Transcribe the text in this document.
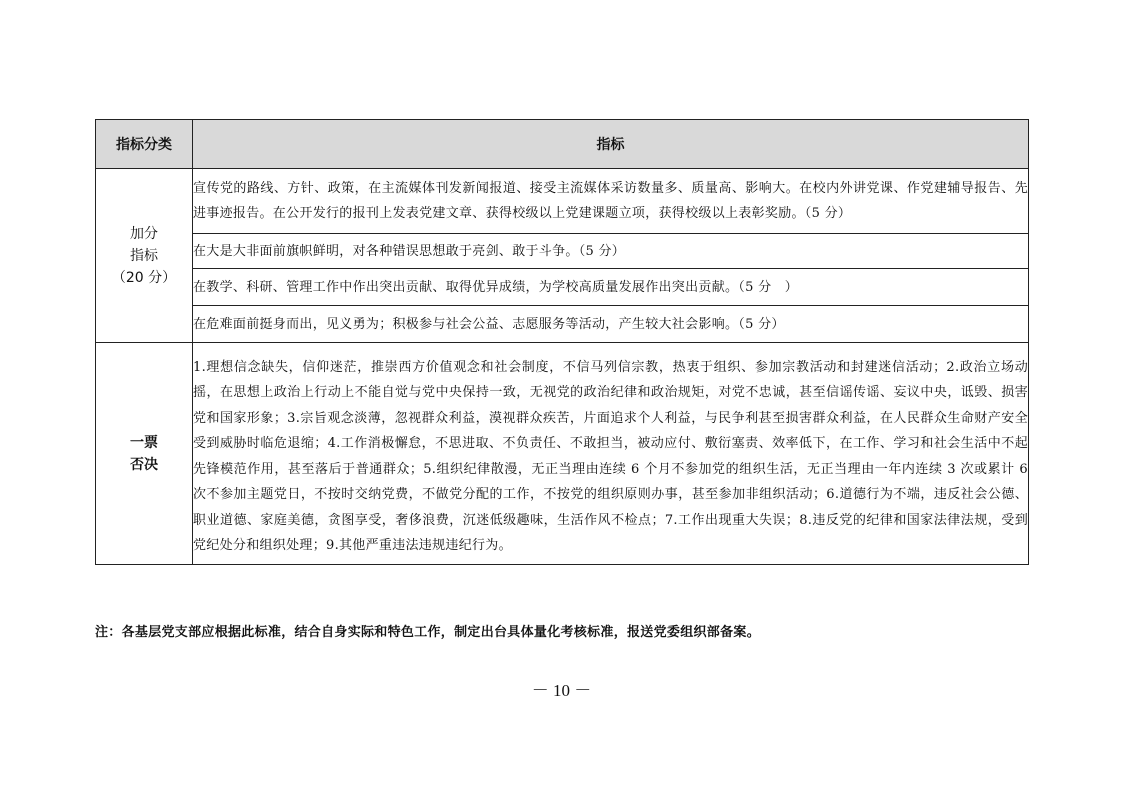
指标分类	指标

加分
指标
（20 分）	宣传党的路线、方针、政策，在主流媒体刊发新闻报道、接受主流媒体采访数量多、质量高、影响大。在校内外讲党课、作党建辅导报告、先进事迹报告。在公开发行的报刊上发表党建文章、获得校级以上党建课题立项，获得校级以上表彰奖励。（5 分）
	在大是大非面前旗帜鲜明，对各种错误思想敢于亮剑、敢于斗争。（5 分）
	在教学、科研、管理工作中作出突出贡献、取得优异成绩，为学校高质量发展作出突出贡献。（5 分　）
	在危难面前挺身而出，见义勇为；积极参与社会公益、志愿服务等活动，产生较大社会影响。（5 分）

一票
否决	1.理想信念缺失，信仰迷茫，推崇西方价值观念和社会制度，不信马列信宗教，热衷于组织、参加宗教活动和封建迷信活动；2.政治立场动摇，在思想上政治上行动上不能自觉与党中央保持一致，无视党的政治纪律和政治规矩，对党不忠诚，甚至信谣传谣、妄议中央，诋毁、损害党和国家形象；3.宗旨观念淡薄，忽视群众利益，漠视群众疾苦，片面追求个人利益，与民争利甚至损害群众利益，在人民群众生命财产安全受到威胁时临危退缩；4.工作消极懈怠，不思进取、不负责任、不敢担当，被动应付、敷衍塞责、效率低下，在工作、学习和社会生活中不起先锋模范作用，甚至落后于普通群众；5.组织纪律散漫，无正当理由连续 6 个月不参加党的组织生活，无正当理由一年内连续 3 次或累计 6 次不参加主题党日，不按时交纳党费，不做党分配的工作，不按党的组织原则办事，甚至参加非组织活动；6.道德行为不端，违反社会公德、职业道德、家庭美德，贪图享受，奢侈浪费，沉迷低级趣味，生活作风不检点；7.工作出现重大失误；8.违反党的纪律和国家法律法规，受到党纪处分和组织处理；9.其他严重违法违规违纪行为。
注：各基层党支部应根据此标准，结合自身实际和特色工作，制定出台具体量化考核标准，报送党委组织部备案。
－ 10 －
